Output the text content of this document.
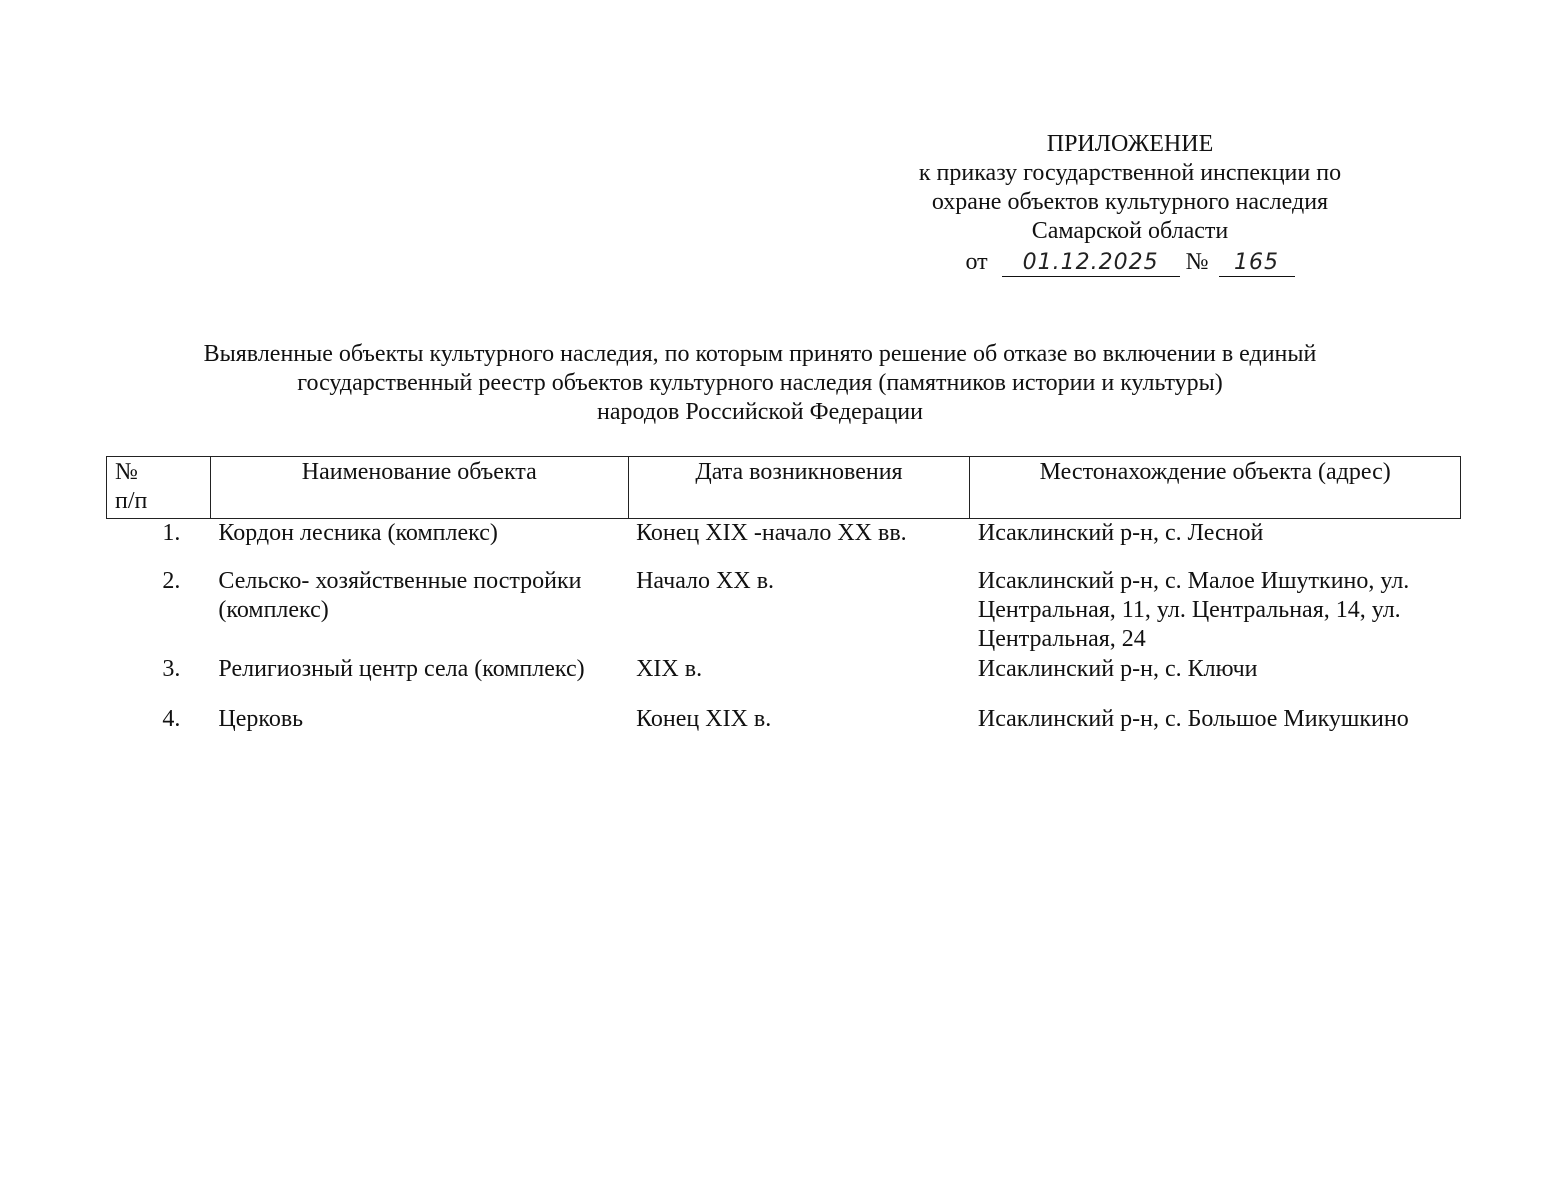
ПРИЛОЖЕНИЕ
к приказу государственной инспекции по
охране объектов культурного наследия
Самарской области
от 01.12.2025 № 165
Выявленные объекты культурного наследия, по которым принято решение об отказе во включении в единый
государственный реестр объектов культурного наследия (памятников истории и культуры)
народов Российской Федерации
№
п/п	Наименование объекта	Дата возникновения	Местонахождение объекта (адрес)
1.	Кордон лесника (комплекс)	Конец XIX -начало XX вв.	Исаклинский р-н, с. Лесной
2.	Сельско- хозяйственные постройки (комплекс)	Начало XX в.	Исаклинский р-н, с. Малое Ишуткино, ул. Центральная, 11, ул. Центральная, 14, ул. Центральная, 24
3.	Религиозный центр села (комплекс)	XIX в.	Исаклинский р-н, с. Ключи
4.	Церковь	Конец XIX в.	Исаклинский р-н, с. Большое Микушкино
